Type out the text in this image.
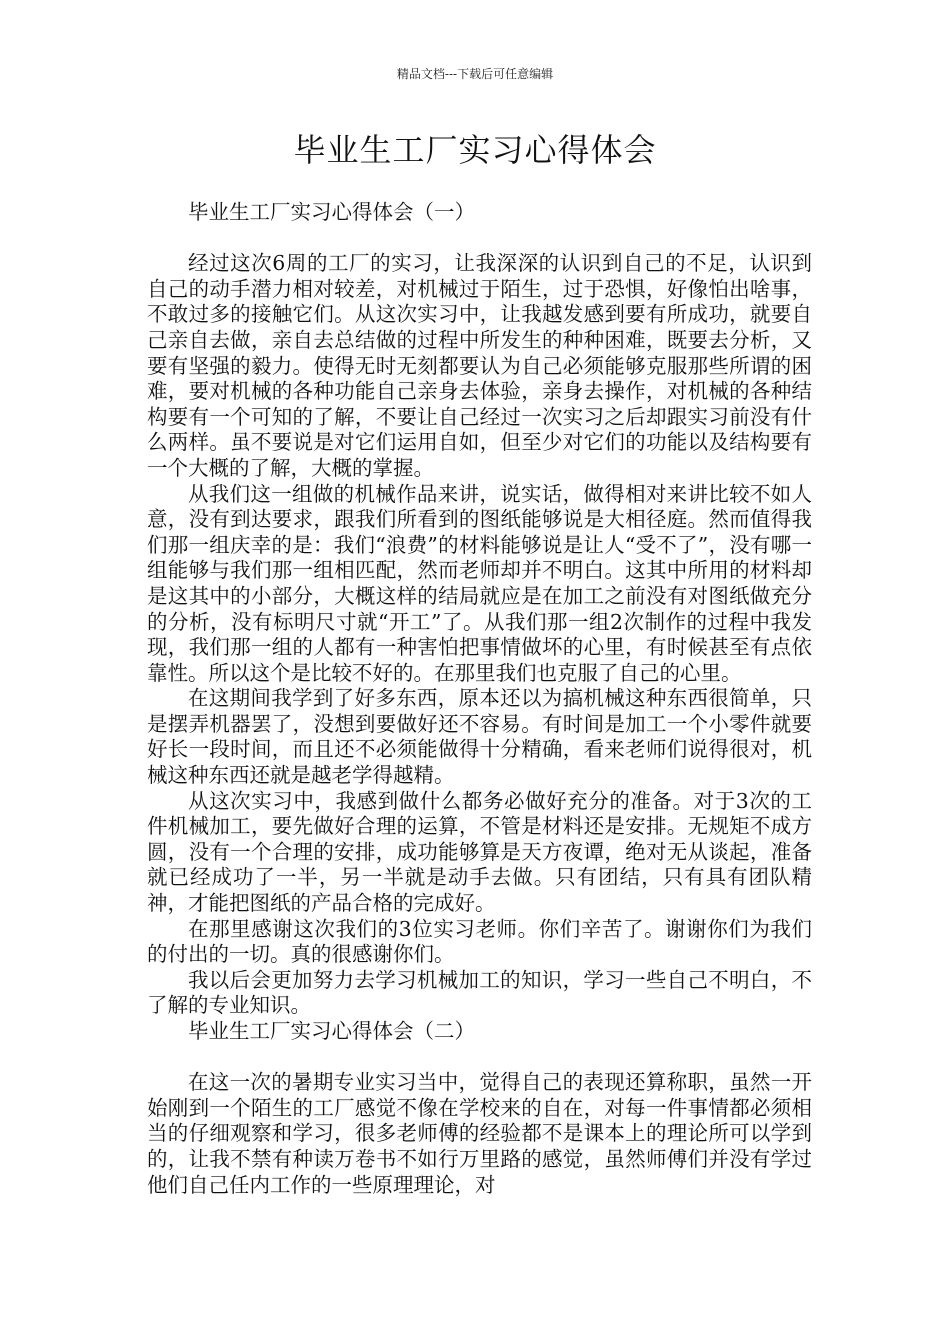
精品文档---下载后可任意编辑
毕业生工厂实习心得体会
毕业生工厂实习心得体会（一）

经过这次6周的工厂的实习，让我深深的认识到自己的不足，认识到自己的动手潜力相对较差，对机械过于陌生，过于恐惧，好像怕出啥事，不敢过多的接触它们。从这次实习中，让我越发感到要有所成功，就要自己亲自去做，亲自去总结做的过程中所发生的种种困难，既要去分析，又要有坚强的毅力。使得无时无刻都要认为自己必须能够克服那些所谓的困难，要对机械的各种功能自己亲身去体验，亲身去操作，对机械的各种结构要有一个可知的了解，不要让自己经过一次实习之后却跟实习前没有什么两样。虽不要说是对它们运用自如，但至少对它们的功能以及结构要有一个大概的了解，大概的掌握。

从我们这一组做的机械作品来讲，说实话，做得相对来讲比较不如人意，没有到达要求，跟我们所看到的图纸能够说是大相径庭。然而值得我们那一组庆幸的是：我们“浪费”的材料能够说是让人“受不了”，没有哪一组能够与我们那一组相匹配，然而老师却并不明白。这其中所用的材料却是这其中的小部分，大概这样的结局就应是在加工之前没有对图纸做充分的分析，没有标明尺寸就“开工”了。从我们那一组2次制作的过程中我发现，我们那一组的人都有一种害怕把事情做坏的心里，有时候甚至有点依靠性。所以这个是比较不好的。在那里我们也克服了自己的心里。

在这期间我学到了好多东西，原本还以为搞机械这种东西很简单，只是摆弄机器罢了，没想到要做好还不容易。有时间是加工一个小零件就要好长一段时间，而且还不必须能做得十分精确，看来老师们说得很对，机械这种东西还就是越老学得越精。

从这次实习中，我感到做什么都务必做好充分的准备。对于3次的工件机械加工，要先做好合理的运算，不管是材料还是安排。无规矩不成方圆，没有一个合理的安排，成功能够算是天方夜谭，绝对无从谈起，准备就已经成功了一半，另一半就是动手去做。只有团结，只有具有团队精神，才能把图纸的产品合格的完成好。

在那里感谢这次我们的3位实习老师。你们辛苦了。谢谢你们为我们的付出的一切。真的很感谢你们。

我以后会更加努力去学习机械加工的知识，学习一些自己不明白，不了解的专业知识。

毕业生工厂实习心得体会（二）

在这一次的暑期专业实习当中，觉得自己的表现还算称职，虽然一开始刚到一个陌生的工厂感觉不像在学校来的自在，对每一件事情都必须相当的仔细观察和学习，很多老师傅的经验都不是课本上的理论所可以学到的，让我不禁有种读万卷书不如行万里路的感觉，虽然师傅们并没有学过他们自己任内工作的一些原理理论，对
